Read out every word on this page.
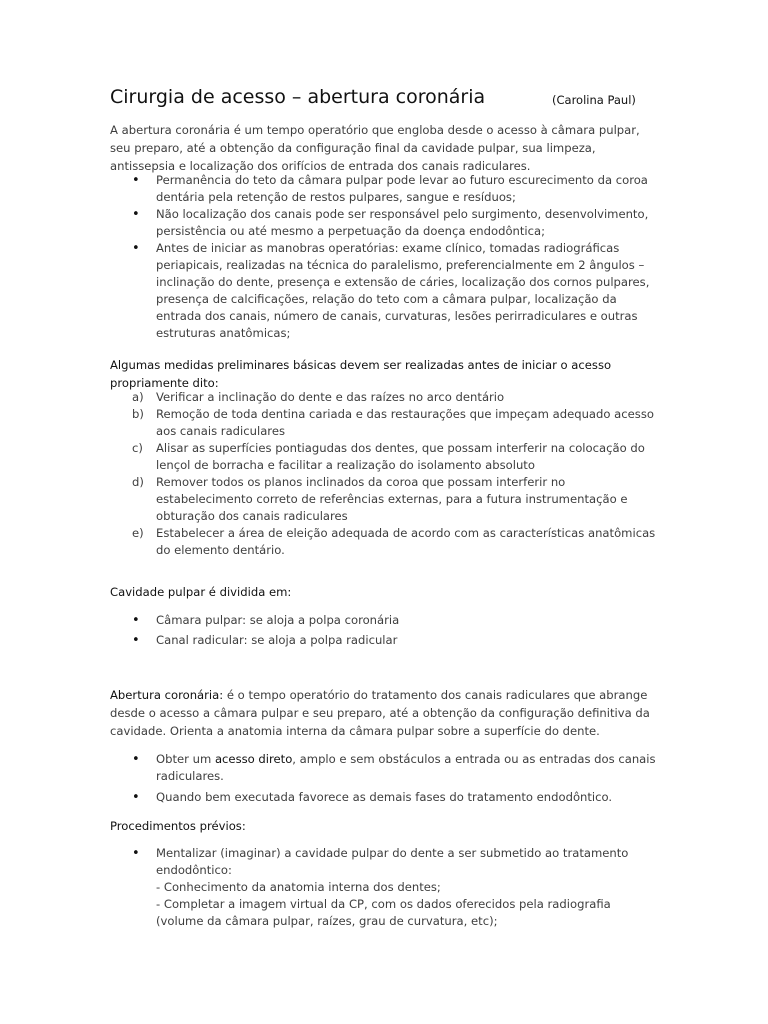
Cirurgia de acesso – abertura coronária	(Carolina Paul)

A abertura coronária é um tempo operatório que engloba desde o acesso à câmara pulpar, seu preparo, até a obtenção da configuração final da cavidade pulpar, sua limpeza, antissepsia e localização dos orifícios de entrada dos canais radiculares.

• Permanência do teto da câmara pulpar pode levar ao futuro escurecimento da coroa dentária pela retenção de restos pulpares, sangue e resíduos;
• Não localização dos canais pode ser responsável pelo surgimento, desenvolvimento, persistência ou até mesmo a perpetuação da doença endodôntica;
• Antes de iniciar as manobras operatórias: exame clínico, tomadas radiográficas periapicais, realizadas na técnica do paralelismo, preferencialmente em 2 ângulos – inclinação do dente, presença e extensão de cáries, localização dos cornos pulpares, presença de calcificações, relação do teto com a câmara pulpar, localização da entrada dos canais, número de canais, curvaturas, lesões perirradiculares e outras estruturas anatômicas;

Algumas medidas preliminares básicas devem ser realizadas antes de iniciar o acesso propriamente dito:

a)	Verificar a inclinação do dente e das raízes no arco dentário
b)	Remoção de toda dentina cariada e das restaurações que impeçam adequado acesso aos canais radiculares
c)	Alisar as superfícies pontiagudas dos dentes, que possam interferir na colocação do lençol de borracha e facilitar a realização do isolamento absoluto
d)	Remover todos os planos inclinados da coroa que possam interferir no estabelecimento correto de referências externas, para a futura instrumentação e obturação dos canais radiculares
e)	Estabelecer a área de eleição adequada de acordo com as características anatômicas do elemento dentário.

Cavidade pulpar é dividida em:

• Câmara pulpar: se aloja a polpa coronária
• Canal radicular: se aloja a polpa radicular

Abertura coronária: é o tempo operatório do tratamento dos canais radiculares que abrange desde o acesso a câmara pulpar e seu preparo, até a obtenção da configuração definitiva da cavidade. Orienta a anatomia interna da câmara pulpar sobre a superfície do dente.

• Obter um acesso direto, amplo e sem obstáculos a entrada ou as entradas dos canais radiculares.
• Quando bem executada favorece as demais fases do tratamento endodôntico.

Procedimentos prévios:

• Mentalizar (imaginar) a cavidade pulpar do dente a ser submetido ao tratamento endodôntico:
- Conhecimento da anatomia interna dos dentes;
- Completar a imagem virtual da CP, com os dados oferecidos pela radiografia (volume da câmara pulpar, raízes, grau de curvatura, etc);
